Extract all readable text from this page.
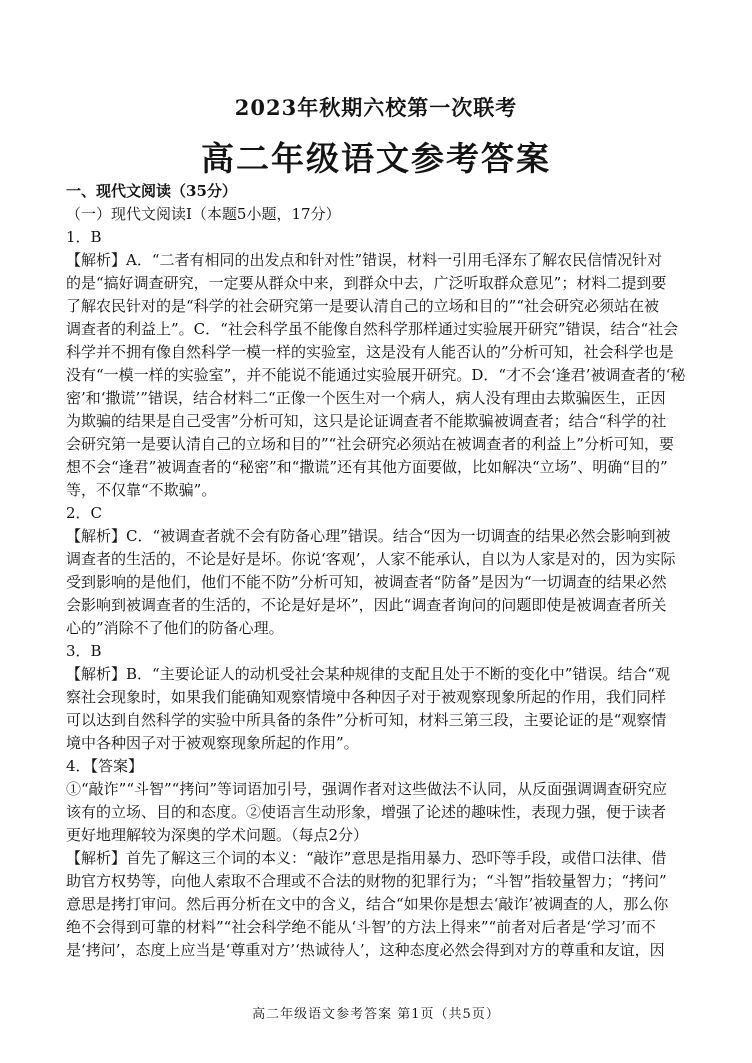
2023年秋期六校第一次联考
高二年级语文参考答案
一、现代文阅读（35分）
（一）现代文阅读Ⅰ（本题5小题，17分）
1．B
【解析】A．“二者有相同的出发点和针对性”错误，材料一引用毛泽东了解农民信情况针对
的是“搞好调查研究，一定要从群众中来，到群众中去，广泛听取群众意见”；材料二提到要
了解农民针对的是“科学的社会研究第一是要认清自己的立场和目的”“社会研究必须站在被
调查者的利益上”。C．“社会科学虽不能像自然科学那样通过实验展开研究”错误，结合“社会
科学并不拥有像自然科学一模一样的实验室，这是没有人能否认的”分析可知，社会科学也是
没有“一模一样的实验室”，并不能说不能通过实验展开研究。D．“才不会‘逢君’被调查者的‘秘
密’和‘撒谎’”错误，结合材料二“正像一个医生对一个病人，病人没有理由去欺骗医生，正因
为欺骗的结果是自己受害”分析可知，这只是论证调查者不能欺骗被调查者；结合“科学的社
会研究第一是要认清自己的立场和目的”“社会研究必须站在被调查者的利益上”分析可知，要
想不会“逢君”被调查者的“秘密”和“撒谎”还有其他方面要做，比如解决“立场”、明确“目的”
等，不仅靠“不欺骗”。
2．C
【解析】C．“被调查者就不会有防备心理”错误。结合“因为一切调查的结果必然会影响到被
调查者的生活的，不论是好是坏。你说‘客观’，人家不能承认，自以为人家是对的，因为实际
受到影响的是他们，他们不能不防”分析可知，被调查者“防备”是因为“一切调查的结果必然
会影响到被调查者的生活的，不论是好是坏”，因此“调查者询问的问题即使是被调查者所关
心的”消除不了他们的防备心理。
3．B
【解析】B．“主要论证人的动机受社会某种规律的支配且处于不断的变化中”错误。结合“观
察社会现象时，如果我们能确知观察情境中各种因子对于被观察现象所起的作用，我们同样
可以达到自然科学的实验中所具备的条件”分析可知，材料三第三段，主要论证的是“观察情
境中各种因子对于被观察现象所起的作用”。
4．【答案】
①“敲诈”“斗智”“拷问”等词语加引号，强调作者对这些做法不认同，从反面强调调查研究应
该有的立场、目的和态度。②使语言生动形象，增强了论述的趣味性，表现力强，便于读者
更好地理解较为深奥的学术问题。（每点2分）
【解析】首先了解这三个词的本义：“敲诈”意思是指用暴力、恐吓等手段，或借口法律、借
助官方权势等，向他人索取不合理或不合法的财物的犯罪行为；“斗智”指较量智力；“拷问”
意思是拷打审问。然后再分析在文中的含义，结合“如果你是想去‘敲诈’被调查的人，那么你
绝不会得到可靠的材料”“社会科学绝不能从‘斗智’的方法上得来”“前者对后者是‘学习’而不
是‘拷问’，态度上应当是‘尊重对方’‘热诚待人’，这种态度必然会得到对方的尊重和友谊，因
高二年级语文参考答案 第1页（共5页）
